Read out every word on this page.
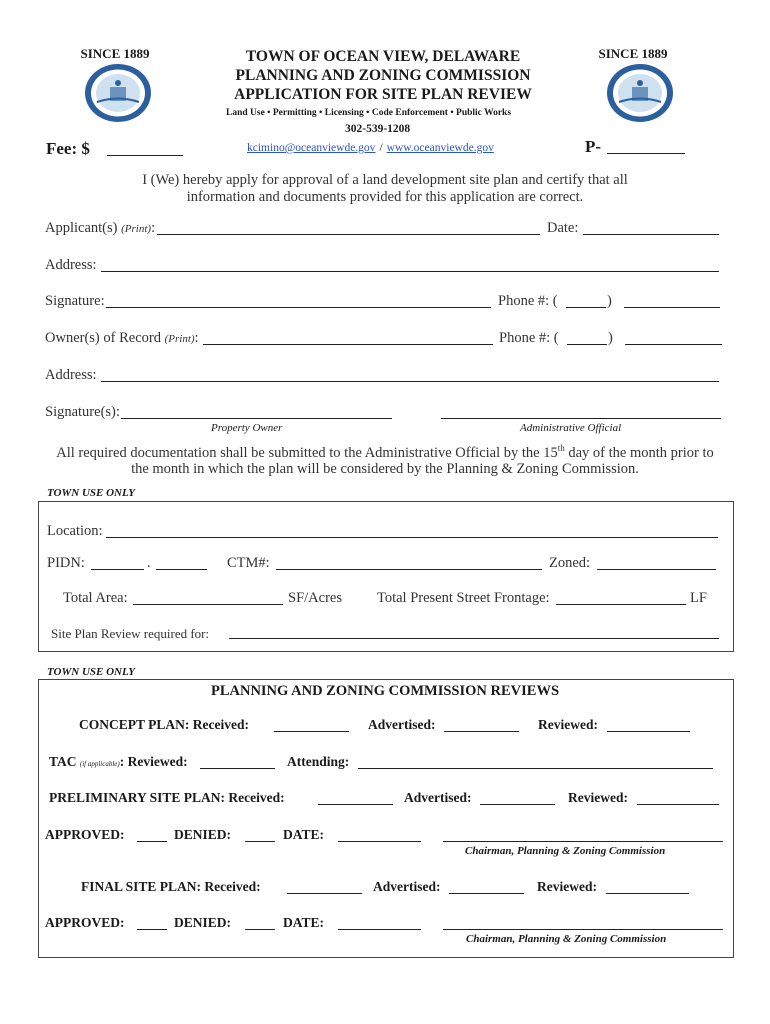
SINCE 1889	SINCE 1889
TOWN OF OCEAN VIEW, DELAWARE
PLANNING AND ZONING COMMISSION
APPLICATION FOR SITE PLAN REVIEW
Land Use • Permitting • Licensing • Code Enforcement • Public Works
302-539-1208
kcimino@oceanviewde.gov / www.oceanviewde.gov
Fee: $	P-
I (We) hereby apply for approval of a land development site plan and certify that all
information and documents provided for this application are correct.
Applicant(s) (Print):	Date:
Address:
Signature:	Phone #: (	)
Owner(s) of Record (Print):	Phone #: (	)
Address:
Signature(s):
Property Owner	Administrative Official
All required documentation shall be submitted to the Administrative Official by the 15th day of the month prior to
the month in which the plan will be considered by the Planning & Zoning Commission.
TOWN USE ONLY
Location:
PIDN:	.	CTM#:	Zoned:
Total Area:	SF/Acres Total Present Street Frontage:	LF
Site Plan Review required for:
TOWN USE ONLY
PLANNING AND ZONING COMMISSION REVIEWS
CONCEPT PLAN: Received:	Advertised:	Reviewed:
TAC (if applicable): Reviewed:	Attending:
PRELIMINARY SITE PLAN: Received:	Advertised:	Reviewed:
APPROVED:	DENIED:	DATE:
Chairman, Planning & Zoning Commission
FINAL SITE PLAN: Received:	Advertised:	Reviewed:
APPROVED:	DENIED:	DATE:
Chairman, Planning & Zoning Commission
